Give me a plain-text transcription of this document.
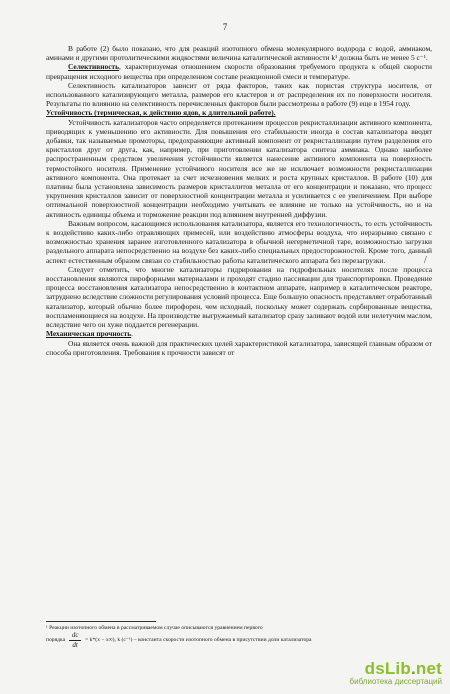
7

В работе (2) было показано, что для реакций изотопного обмена молекулярного водорода с водой, аммиаком, аминами и другими протолитическими жидкостями величина каталитической активности k¹ должна быть не менее 5 с⁻¹.

Селективность, характеризуемая отношением скорости образования требуемого продукта к общей скорости превращения исходного вещества при определенном составе реакционной смеси и температуре.

Селективность катализаторов зависит от ряда факторов, таких как пористая структура носителя, от использованного катализирующего металла, размеров его кластеров и от распределения их по поверхности носителя. Результаты по влиянию на селективность перечисленных факторов были рассмотрены в работе (9) еще в 1954 году.

Устойчивость (термическая, к действию ядов, к длительной работе).

Устойчивость катализаторов часто определяется протеканием процессов рекристаллизации активного компонента, приводящих к уменьшению его активности. Для повышения его стабильности иногда в состав катализатора вводят добавки, так называемые промоторы, предохраняющие активный компонент от рекристаллизации путем разделения его кристаллов друг от друга, как, например, при приготовлении катализатора синтеза аммиака. Однако наиболее распространенным средством увеличения устойчивости является нанесение активного компонента на поверхность термостойкого носителя. Применение устойчивого носителя все же не исключает возможности рекристаллизации активного компонента. Она протекает за счет исчезновения мелких и роста крупных кристаллов. В работе (10) для платины была установлена зависимость размеров кристаллитов металла от его концентрации и показано, что процесс укрупнения кристаллов зависит от поверхностной концентрации металла и усиливается с ее увеличением. При выборе оптимальной поверхностной концентрации необходимо учитывать ее влияние не только на устойчивость, но и на активность единицы объема и торможение реакции под влиянием внутренней диффузии.

Важным вопросом, касающимся использования катализатора, является его технологичность, то есть устойчивость к воздействию каких-либо отравляющих примесей, или воздействию атмосферы воздуха, что неразрывно связано с возможностью хранения заранее изготовленного катализатора в обычной негерметичной таре, возможностью загрузки раздельного аппарата непосредственно на воздухе без каких-либо специальных предосторожностей. Кроме того, данный аспект естественным образом связан со стабильностью работы каталитического аппарата без перезагрузки.

Следует отметить, что многие катализаторы гидрирования на гидрофильных носителях после процесса восстановления являются пирофорными материалами и проходят стадию пассивации для транспортировки. Проведение процесса восстановления катализатора непосредственно в контактном аппарате, например в каталитическом реакторе, затруднено вследствие сложности регулирования условий процесса. Еще большую опасность представляет отработанный катализатор, который обычно более пирофорен, чем исходный, поскольку может содержать сорбированные вещества, воспламеняющиеся на воздухе. На производстве выгружаемый катализатор сразу заливают водой или нелетучим маслом, вследствие чего он хуже поддается регенерации.

Механическая прочность.

Она является очень важной для практических целей характеристикой катализатора, зависящей главным образом от способа приготовления. Требования к прочности зависят от

/
¹ Реакции изотопного обмена в рассматриваемом случае описываются уравнением первого
порядка $\frac{dc}{dt} = k*(x - x\infty)$, k (с⁻¹) – константа скорости изотопного обмена в присутствии доли катализатора
dsLib.net
библиотека диссертаций
